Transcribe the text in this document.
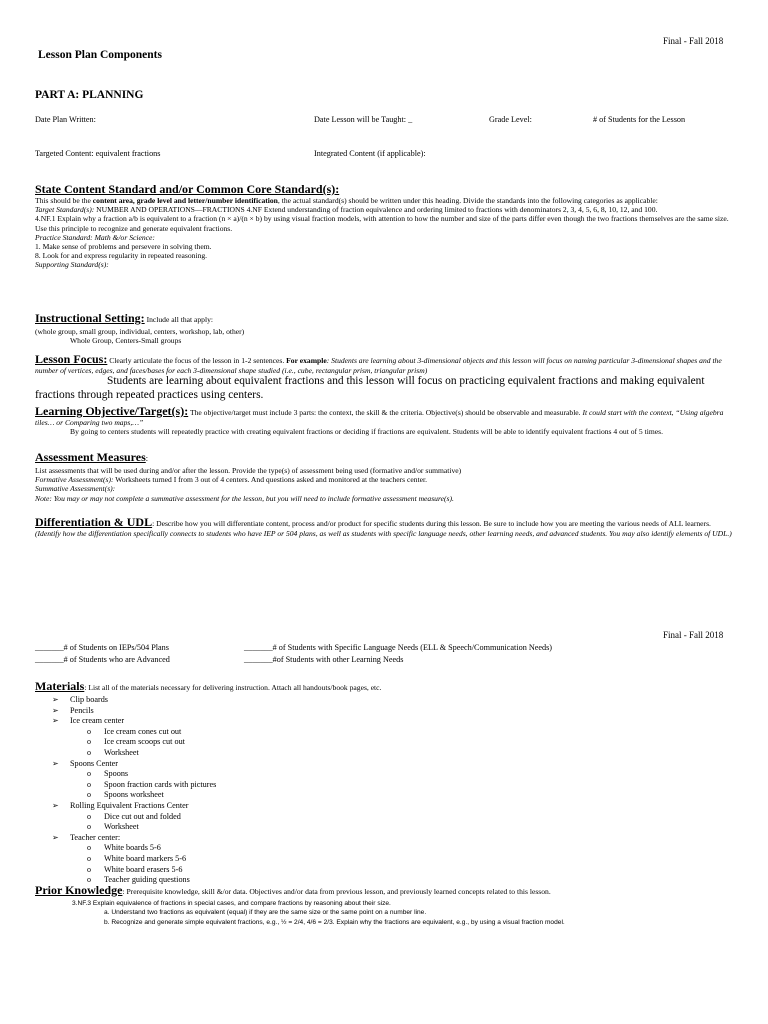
Final - Fall 2018
Lesson Plan Components
PART A: PLANNING
Date Plan Written:	Date Lesson will be Taught: _	Grade Level:	# of Students for the Lesson
Targeted Content: equivalent fractions	Integrated Content (if applicable):
State Content Standard and/or Common Core Standard(s):
This should be the content area, grade level and letter/number identification, the actual standard(s) should be written under this heading. Divide the standards into the following categories as applicable:
Target Standard(s): NUMBER AND OPERATIONS—FRACTIONS 4.NF Extend understanding of fraction equivalence and ordering limited to fractions with denominators 2, 3, 4, 5, 6, 8, 10, 12, and 100.
4.NF.1 Explain why a fraction a/b is equivalent to a fraction (n × a)/(n × b) by using visual fraction models, with attention to how the number and size of the parts differ even though the two fractions themselves are the same size. Use this principle to recognize and generate equivalent fractions.
Practice Standard: Math &/or Science:
1. Make sense of problems and persevere in solving them.
8. Look for and express regularity in repeated reasoning.
Supporting Standard(s):
Instructional Setting: Include all that apply:
(whole group, small group, individual, centers, workshop, lab, other)
Whole Group, Centers-Small groups
Lesson Focus: Clearly articulate the focus of the lesson in 1-2 sentences. For example: Students are learning about 3-dimensional objects and this lesson will focus on naming particular 3-dimensional shapes and the number of vertices, edges, and faces/bases for each 3-dimensional shape studied (i.e., cube, rectangular prism, triangular prism)
Students are learning about equivalent fractions and this lesson will focus on practicing equivalent fractions and making equivalent fractions through repeated practices using centers.
Learning Objective/Target(s): The objective/target must include 3 parts: the context, the skill & the criteria. Objective(s) should be observable and measurable. It could start with the context, “Using algebra tiles… or Comparing two maps,…”
By going to centers students will repeatedly practice with creating equivalent fractions or deciding if fractions are equivalent. Students will be able to identify equivalent fractions 4 out of 5 times.
Assessment Measures:
List assessments that will be used during and/or after the lesson. Provide the type(s) of assessment being used (formative and/or summative)
Formative Assessment(s): Worksheets turned I from 3 out of 4 centers. And questions asked and monitored at the teachers center.
Summative Assessment(s):
Note: You may or may not complete a summative assessment for the lesson, but you will need to include formative assessment measure(s).
Differentiation & UDL: Describe how you will differentiate content, process and/or product for specific students during this lesson. Be sure to include how you are meeting the various needs of ALL learners. (Identify how the differentiation specifically connects to students who have IEP or 504 plans, as well as students with specific language needs, other learning needs, and advanced students. You may also identify elements of UDL.)
Final - Fall 2018
_______# of Students on IEPs/504 Plans	_______# of Students with Specific Language Needs (ELL & Speech/Communication Needs)
_______# of Students who are Advanced	_______#of Students with other Learning Needs
Materials: List all of the materials necessary for delivering instruction. Attach all handouts/book pages, etc.
➢ Clip boards
➢ Pencils
➢ Ice cream center
o Ice cream cones cut out
o Ice cream scoops cut out
o Worksheet
➢ Spoons Center
o Spoons
o Spoon fraction cards with pictures
o Spoons worksheet
➢ Rolling Equivalent Fractions Center
o Dice cut out and folded
o Worksheet
➢ Teacher center:
o White boards 5-6
o White board markers 5-6
o White board erasers 5-6
o Teacher guiding questions
Prior Knowledge: Prerequisite knowledge, skill &/or data. Objectives and/or data from previous lesson, and previously learned concepts related to this lesson.
3.NF.3 Explain equivalence of fractions in special cases, and compare fractions by reasoning about their size.
a. Understand two fractions as equivalent (equal) if they are the same size or the same point on a number line.
b. Recognize and generate simple equivalent fractions, e.g., ½ = 2/4, 4/6 = 2/3. Explain why the fractions are equivalent, e.g., by using a visual fraction model.
